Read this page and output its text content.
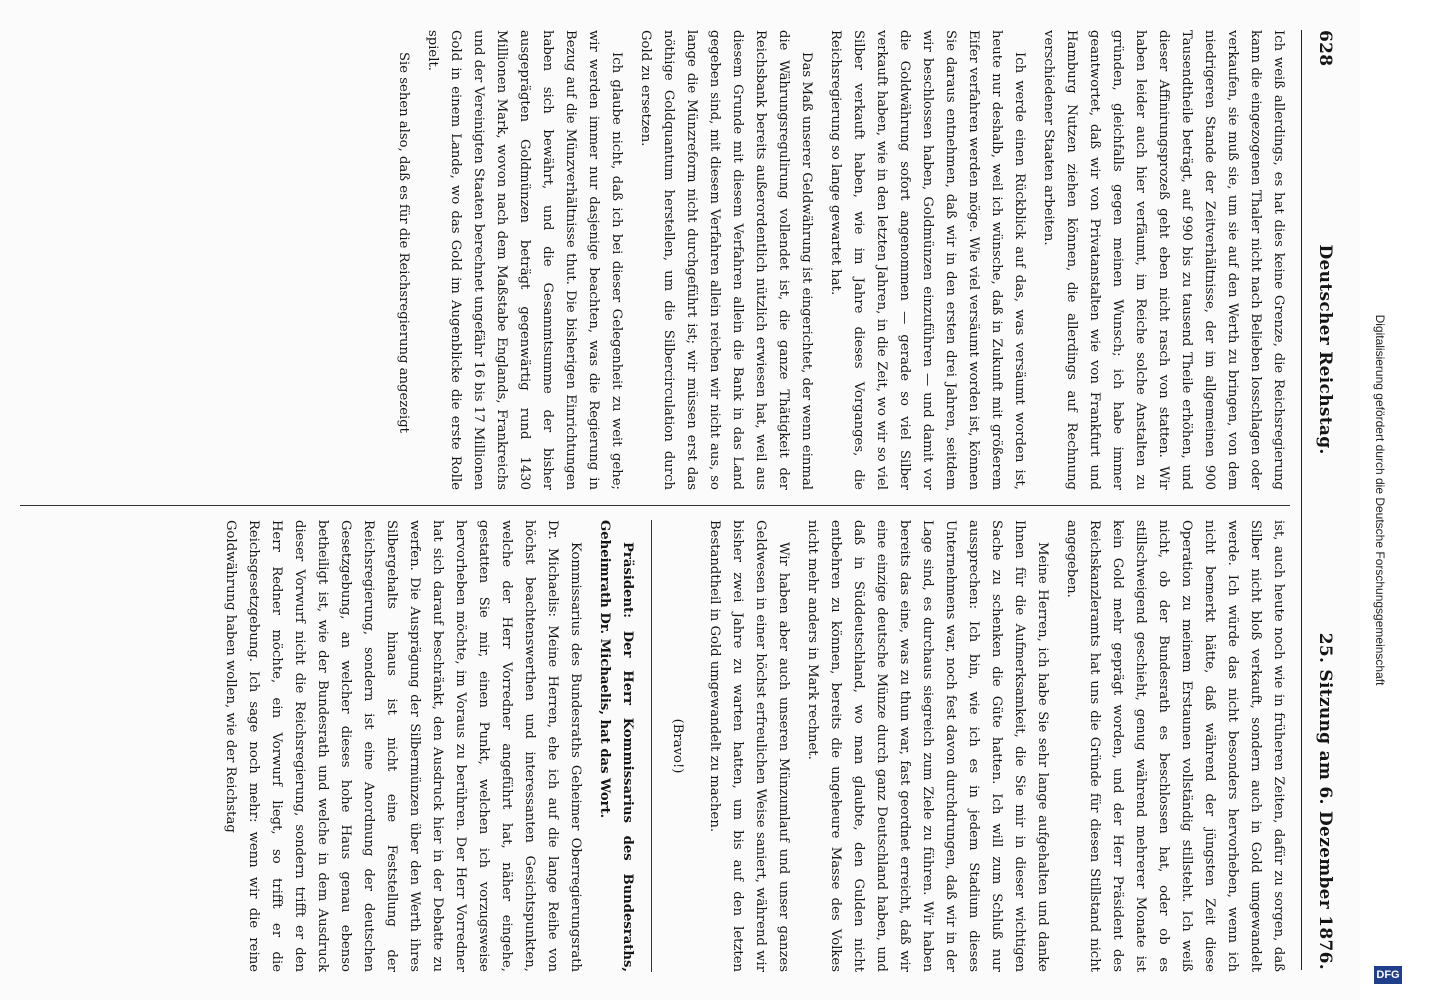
628
Deutscher Reichstag.
25. Sitzung am 6. Dezember 1876.

Ich weiß allerdings, es hat dies keine Grenze, die Reichsregierung kann die eingezogenen Thaler nicht nach Belieben losschlagen oder verkaufen, sie muß sie, um sie auf den Werth zu bringen, von dem niedrigeren Stande der Zeitverhältnisse, der im allgemeinen 900 Tausendtheile beträgt, auf 990 bis zu tausend Theile erhöhen, und dieser Affinirungsprozeß geht eben nicht rasch von statten. Wir haben leider auch hier verfäumt, im Reiche solche Anstalten zu gründen, gleichfalls gegen meinen Wunsch; ich habe immer geantwortet, daß wir von Privatanstalten wie von Frankfurt und Hamburg Nutzen ziehen können, die allerdings auf Rechnung verschiedener Staaten arbeiten.

Ich werde einen Rückblick auf das, was versäumt worden ist, heute nur deshalb, weil ich wünsche, daß in Zukunft mit größerem Eifer verfahren werden möge. Wie viel versäumt worden ist, können Sie daraus entnehmen, daß wir in den ersten drei Jahren, seitdem wir beschlossen haben, Goldmünzen einzuführen — und damit vor die Goldwährung sofort angenommen — gerade so viel Silber verkauft haben, wie in den letzten Jahren, in die Zeit, wo wir so viel Silber verkauft haben, wie im Jahre dieses Vorganges, die Reichsregierung so lange gewartet hat.

Das Maß unserer Geldwährung ist eingerichtet, der wenn einmal die Währungsregulirung vollendet ist, die ganze Thätigkeit der Reichsbank bereits außerordentlich nützlich erwiesen hat, weil aus diesem Grunde mit diesem Verfahren allein die Bank in das Land gegeben sind, mit diesem Verfahren allein reichen wir nicht aus, so lange die Münzreform nicht durchgeführt ist; wir müssen erst das nöthige Goldquantum herstellen, um die Silbercirculation durch Gold zu ersetzen.

Ich glaube nicht, daß ich bei dieser Gelegenheit zu weit gehe; wir werden immer nur dasjenige beachten, was die Regierung in Bezug auf die Münzverhältnisse thut. Die bisherigen Einrichtungen haben sich bewährt, und die Gesammtsumme der bisher ausgeprägten Goldmünzen beträgt gegenwärtig rund 1430 Millionen Mark, wovon nach dem Maßstabe Englands, Frankreichs und der Vereinigten Staaten berechnet ungefähr 16 bis 17 Millionen Gold in einem Lande, wo das Gold im Augenblicke die erste Rolle spielt.

Sie sehen also, daß es für die Reichsregierung angezeigt

ist, auch heute noch wie in früheren Zeiten, dafür zu sorgen, daß Silber nicht bloß verkauft, sondern auch in Gold umgewandelt werde. Ich würde das nicht besonders hervorheben, wenn ich nicht bemerkt hätte, daß während der jüngsten Zeit diese Operation zu meinem Erstaunen vollständig stillsteht. Ich weiß nicht, ob der Bundesrath es beschlossen hat, oder ob es stillschweigend geschieht, genug während mehrerer Monate ist kein Gold mehr geprägt worden, und der Herr Präsident des Reichskanzleramts hat uns die Gründe für diesen Stillstand nicht angegeben.

Meine Herren, ich habe Sie sehr lange aufgehalten und danke Ihnen für die Aufmerksamkeit, die Sie mir in dieser wichtigen Sache zu schenken die Güte hatten. Ich will zum Schluß nur aussprechen: Ich bin, wie ich es in jedem Stadium dieses Unternehmens war, noch fest davon durchdrungen, daß wir in der Lage sind, es durchaus siegreich zum Ziele zu führen. Wir haben bereits das eine, was zu thun war, fast geordnet erreicht, daß wir eine einzige deutsche Münze durch ganz Deutschland haben, und daß in Süddeutschland, wo man glaubte, den Gulden nicht entbehren zu können, bereits die ungeheure Masse des Volkes nicht mehr anders in Mark rechnet.

Wir haben aber auch unseren Münzumlauf und unser ganzes Geldwesen in einer höchst erfreulichen Weise saniert, während wir bisher zwei Jahre zu warten hatten, um bis auf den letzten Bestandtheil in Gold umgewandelt zu machen.

(Bravo!)

Präsident: Der Herr Kommissarius des Bundesraths, Geheimrath Dr. Michaelis, hat das Wort.

Kommissarius des Bundesraths Geheimer Oberregierungsrath Dr. Michaelis: Meine Herren, ehe ich auf die lange Reihe von höchst beachtenswerthen und interessanten Gesichtspunkten, welche der Herr Vorredner angeführt hat, näher eingehe, gestatten Sie mir, einen Punkt, welchen ich vorzugsweise hervorheben möchte, im Voraus zu berühren. Der Herr Vorredner hat sich darauf beschränkt, den Ausdruck hier in der Debatte zu werfen. Die Ausprägung der Silbermünzen über den Werth ihres Silbergehalts hinaus ist nicht eine Feststellung der Reichsregierung, sondern ist eine Anordnung der deutschen Gesetzgebung, an welcher dieses hohe Haus genau ebenso betheiligt ist, wie der Bundesrath und welche in dem Ausdruck dieser Vorwurf nicht die Reichsregierung, sondern trifft er den Herr Redner möchte, ein Vorwurf liegt, so trifft er die Reichsgesetzgebung. Ich sage noch mehr: wenn wir die reine Goldwährung haben wollen, wie der Reichstag	Digitalisierung gefördert durch die Deutsche Forschungsgemeinschaft
DFG
